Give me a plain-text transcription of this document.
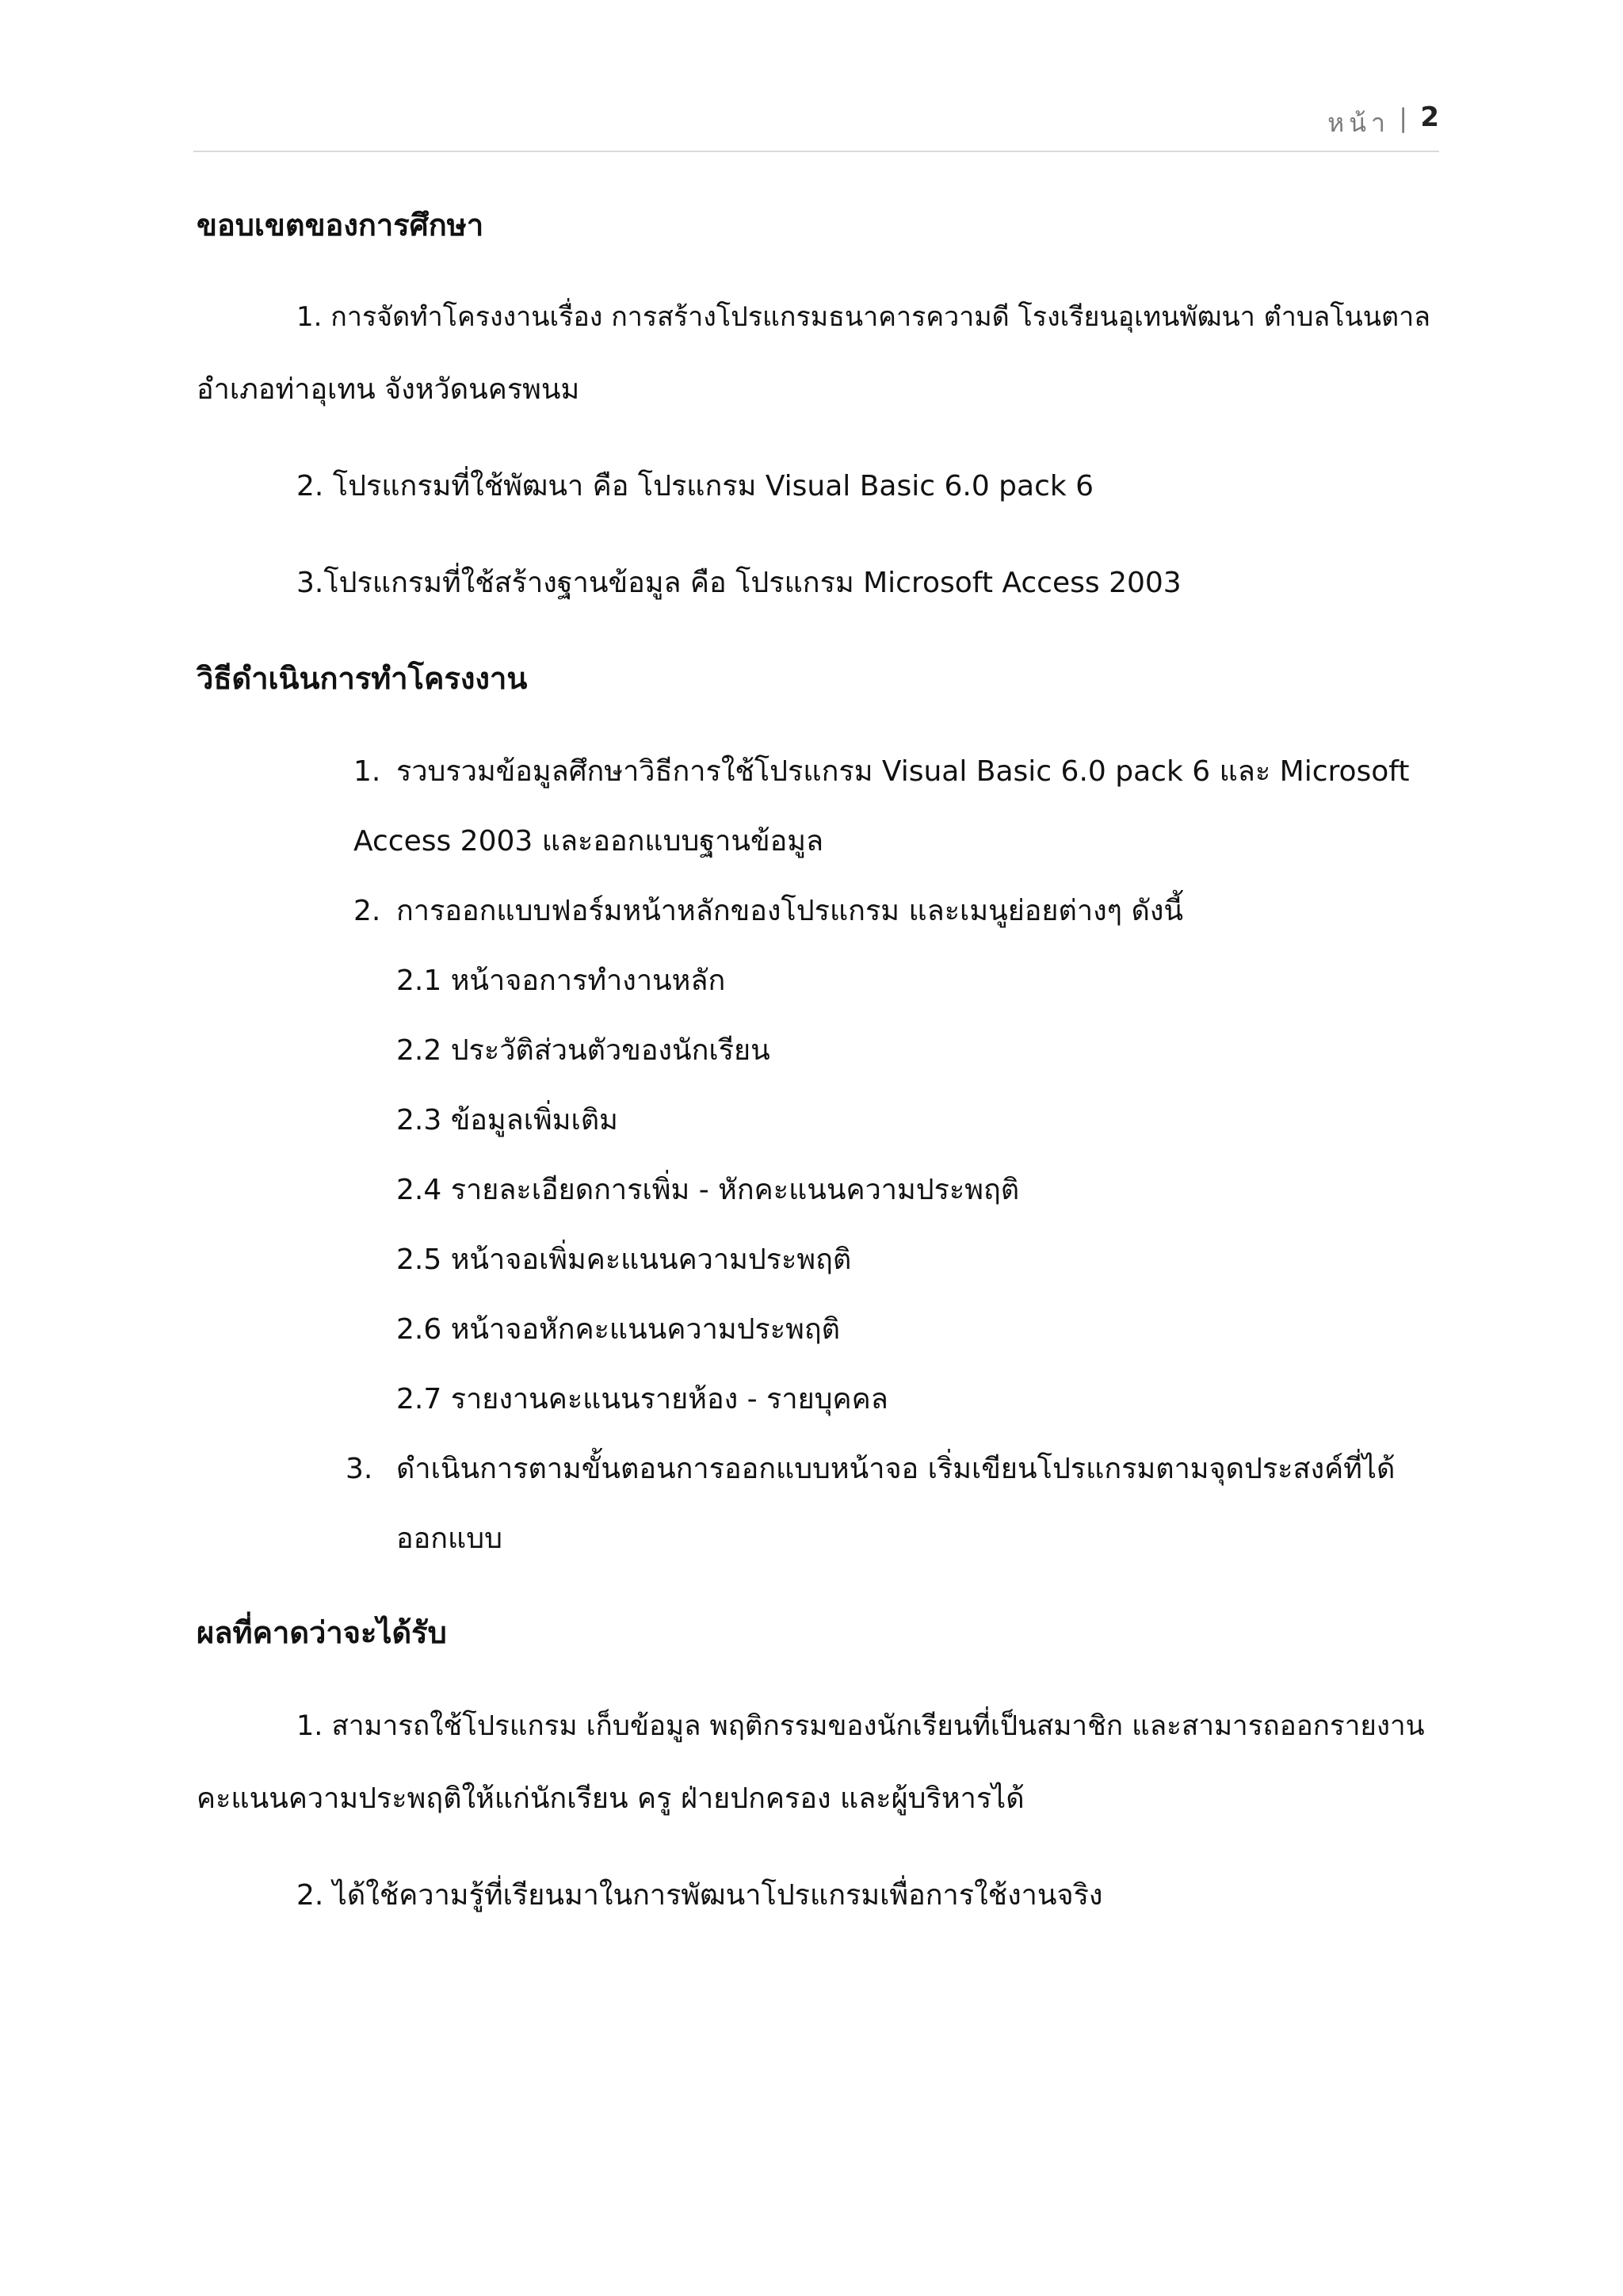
หน้า | 2
ขอบเขตของการศึกษา
1. การจัดทำโครงงานเรื่อง การสร้างโปรแกรมธนาคารความดี โรงเรียนอุเทนพัฒนา ตำบลโนนตาล
อำเภอท่าอุเทน จังหวัดนครพนม
2. โปรแกรมที่ใช้พัฒนา คือ โปรแกรม Visual Basic 6.0 pack 6
3.โปรแกรมที่ใช้สร้างฐานข้อมูล คือ โปรแกรม Microsoft Access 2003
วิธีดำเนินการทำโครงงาน
1. รวบรวมข้อมูลศึกษาวิธีการใช้โปรแกรม Visual Basic 6.0 pack 6 และ Microsoft
Access 2003 และออกแบบฐานข้อมูล
2. การออกแบบฟอร์มหน้าหลักของโปรแกรม และเมนูย่อยต่างๆ ดังนี้
2.1 หน้าจอการทำงานหลัก
2.2 ประวัติส่วนตัวของนักเรียน
2.3 ข้อมูลเพิ่มเติม
2.4 รายละเอียดการเพิ่ม - หักคะแนนความประพฤติ
2.5 หน้าจอเพิ่มคะแนนความประพฤติ
2.6 หน้าจอหักคะแนนความประพฤติ
2.7 รายงานคะแนนรายห้อง - รายบุคคล
3. ดำเนินการตามขั้นตอนการออกแบบหน้าจอ เริ่มเขียนโปรแกรมตามจุดประสงค์ที่ได้
ออกแบบ
ผลที่คาดว่าจะได้รับ
1. สามารถใช้โปรแกรม เก็บข้อมูล พฤติกรรมของนักเรียนที่เป็นสมาชิก และสามารถออกรายงาน
คะแนนความประพฤติให้แก่นักเรียน ครู ฝ่ายปกครอง และผู้บริหารได้
2. ได้ใช้ความรู้ที่เรียนมาในการพัฒนาโปรแกรมเพื่อการใช้งานจริง
